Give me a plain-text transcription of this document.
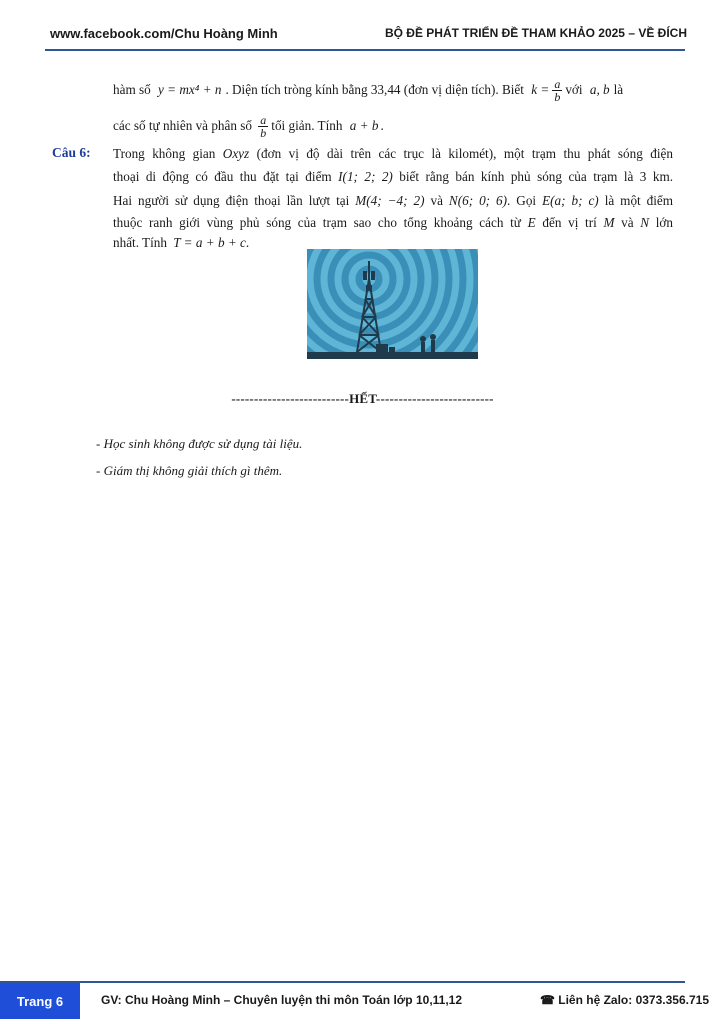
www.facebook.com/Chu Hoàng Minh	BỘ ĐỀ PHÁT TRIỂN ĐỀ THAM KHẢO 2025 – VỀ ĐÍCH
hàm số
y = mx⁴ + n . Diện tích tròng kính bằng 33,44 (đơn vị diện tích). Biết
$k = \frac{a}{b}$ với
a, b là
các số tự nhiên và phân số
$\frac{a}{b}$ tối giản. Tính
a + b .
Câu 6: Trong không gian Oxyz (đơn vị độ dài trên các trục là kilomét), một trạm thu phát sóng điện
thoại di động có đầu thu đặt tại điểm I(1; 2; 2) biết rằng bán kính phủ sóng của trạm là 3 km.
Hai người sử dụng điện thoại lần lượt tại M(4; −4; 2) và N(6; 0; 6). Gọi E(a; b; c) là một điểm
thuộc ranh giới vùng phủ sóng của trạm sao cho tổng khoảng cách từ E đến vị trí M và N lớn
nhất. Tính T = a + b + c.
--------------------------HẾT--------------------------
- Học sinh không được sử dụng tài liệu.
- Giám thị không giải thích gì thêm.
Trang 6	GV: Chu Hoàng Minh – Chuyên luyện thi môn Toán lớp 10,11,12	☎ Liên hệ Zalo: 0373.356.715
